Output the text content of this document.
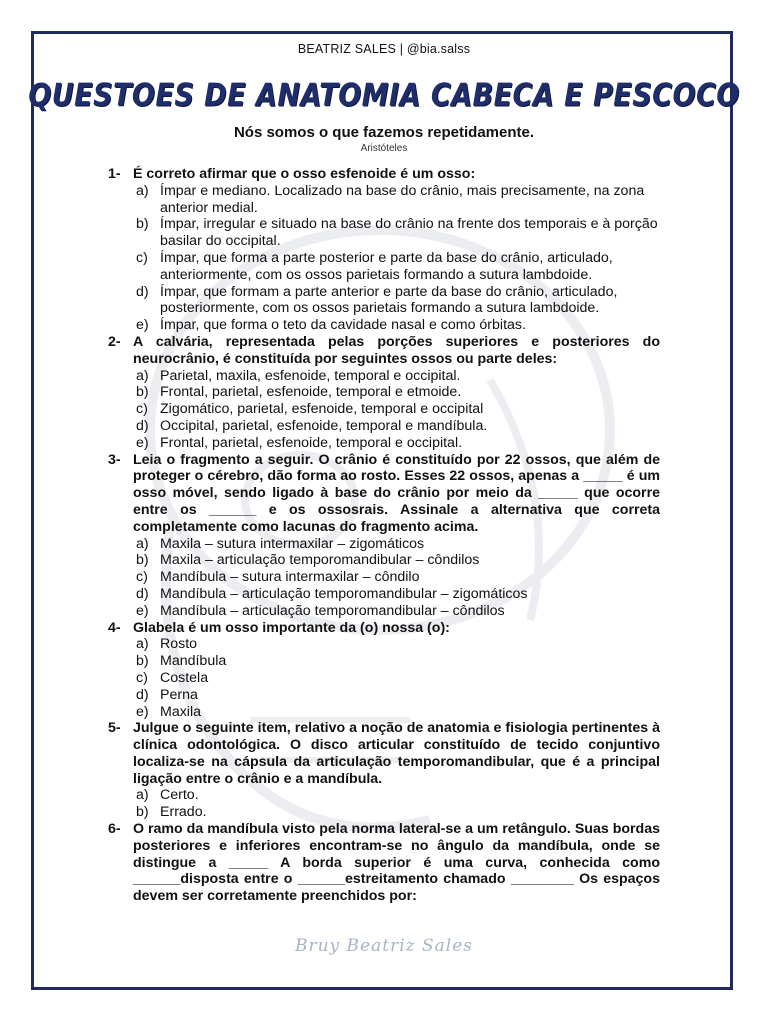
BEATRIZ SALES | @bia.salss
QUESTOES DE ANATOMIA CABECA E PESCOCO
Nós somos o que fazemos repetidamente.
Aristóteles
1- É correto afirmar que o osso esfenoide é um osso:
a) Ímpar e mediano. Localizado na base do crânio, mais precisamente, na zona anterior medial.
b) Ímpar, irregular e situado na base do crânio na frente dos temporais e à porção basilar do occipital.
c) Ímpar, que forma a parte posterior e parte da base do crânio, articulado, anteriormente, com os ossos parietais formando a sutura lambdoide.
d) Ímpar, que formam a parte anterior e parte da base do crânio, articulado, posteriormente, com os ossos parietais formando a sutura lambdoide.
e) Ímpar, que forma o teto da cavidade nasal e como órbitas.
2- A calvária, representada pelas porções superiores e posteriores do neurocrânio, é constituída por seguintes ossos ou parte deles:
a) Parietal, maxila, esfenoide, temporal e occipital.
b) Frontal, parietal, esfenoide, temporal e etmoide.
c) Zigomático, parietal, esfenoide, temporal e occipital
d) Occipital, parietal, esfenoide, temporal e mandíbula.
e) Frontal, parietal, esfenoide, temporal e occipital.
3- Leia o fragmento a seguir. O crânio é constituído por 22 ossos, que além de proteger o cérebro, dão forma ao rosto. Esses 22 ossos, apenas a _____ é um osso móvel, sendo ligado à base do crânio por meio da _____ que ocorre entre os ______ e os ossosrais. Assinale a alternativa que correta completamente como lacunas do fragmento acima.
a) Maxila – sutura intermaxilar – zigomáticos
b) Maxila – articulação temporomandibular – côndilos
c) Mandíbula – sutura intermaxilar – côndilo
d) Mandíbula – articulação temporomandibular – zigomáticos
e) Mandíbula – articulação temporomandibular – côndilos
4- Glabela é um osso importante da (o) nossa (o):
a) Rosto
b) Mandíbula
c) Costela
d) Perna
e) Maxila
5- Julgue o seguinte item, relativo a noção de anatomia e fisiologia pertinentes à clínica odontológica. O disco articular constituído de tecido conjuntivo localiza-se na cápsula da articulação temporomandibular, que é a principal ligação entre o crânio e a mandíbula.
a) Certo.
b) Errado.
6- O ramo da mandíbula visto pela norma lateral-se a um retângulo. Suas bordas posteriores e inferiores encontram-se no ângulo da mandíbula, onde se distingue a _____ A borda superior é uma curva, conhecida como ______disposta entre o ______estreitamento chamado ________ Os espaços devem ser corretamente preenchidos por:
Bruy Beatriz Sales
